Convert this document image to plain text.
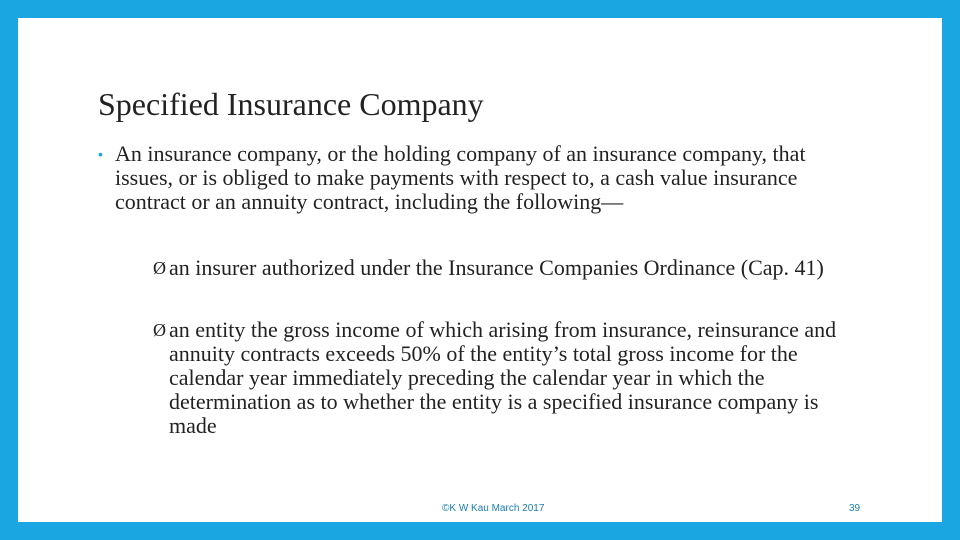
Specified Insurance Company
• An insurance company, or the holding company of an insurance company, that issues, or is obliged to make payments with respect to, a cash value insurance contract or an annuity contract, including the following—
Ø an insurer authorized under the Insurance Companies Ordinance (Cap. 41)
Ø an entity the gross income of which arising from insurance, reinsurance and annuity contracts exceeds 50% of the entity’s total gross income for the calendar year immediately preceding the calendar year in which the determination as to whether the entity is a specified insurance company is made
©K W Kau March 2017	39
